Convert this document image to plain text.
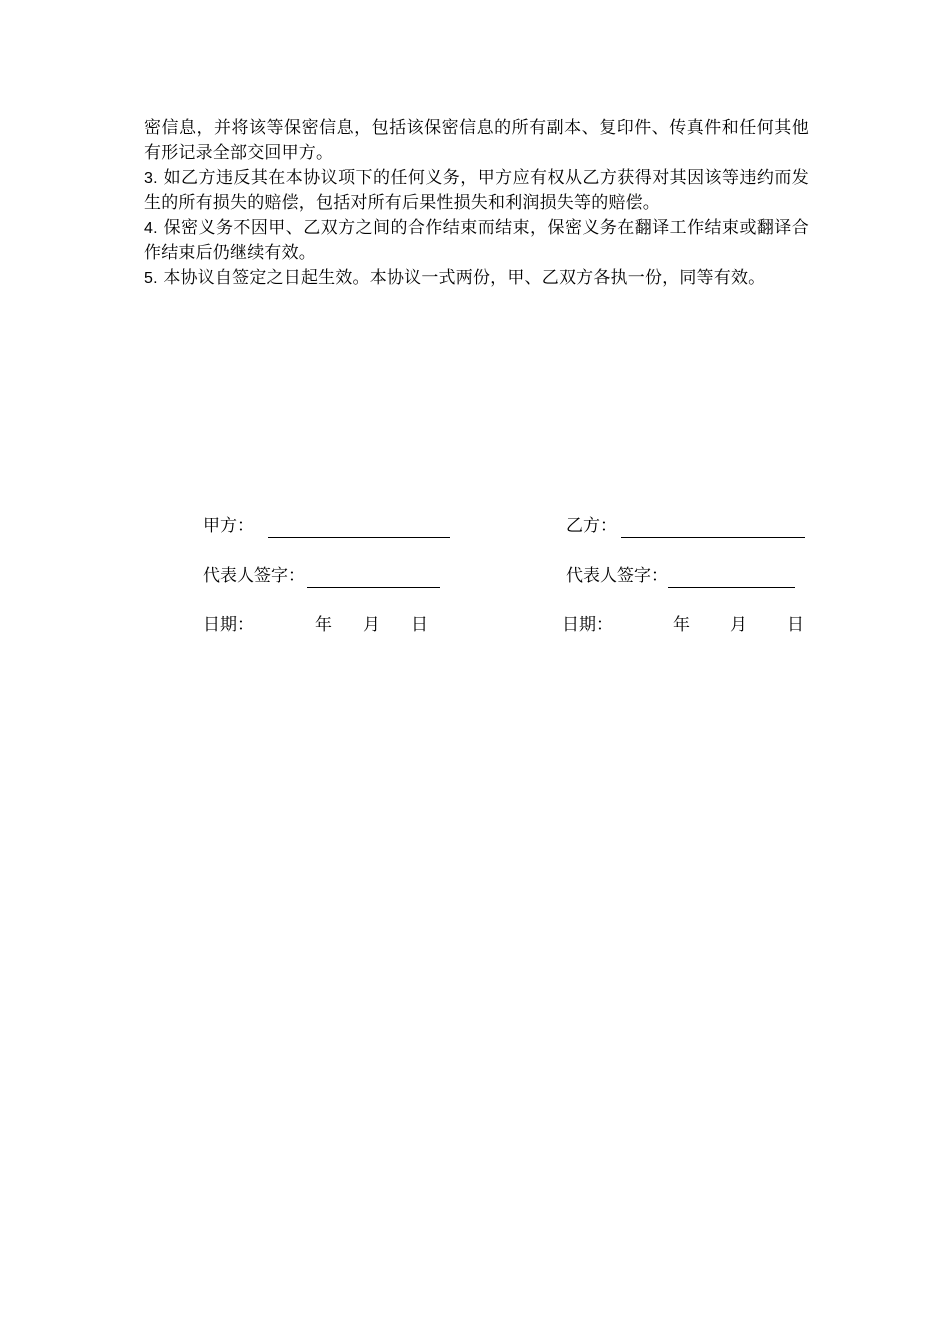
密信息，并将该等保密信息，包括该保密信息的所有副本、复印件、传真件和任何其他有形记录全部交回甲方。

3. 如乙方违反其在本协议项下的任何义务，甲方应有权从乙方获得对其因该等违约而发生的所有损失的赔偿，包括对所有后果性损失和利润损失等的赔偿。

4. 保密义务不因甲、乙双方之间的合作结束而结束，保密义务在翻译工作结束或翻译合作结束后仍继续有效。

5. 本协议自签定之日起生效。本协议一式两份，甲、乙双方各执一份，同等有效。

甲方：
代表人签字：
日期：	年 月 日
乙方：
代表人签字：
日期：	年 月 日
